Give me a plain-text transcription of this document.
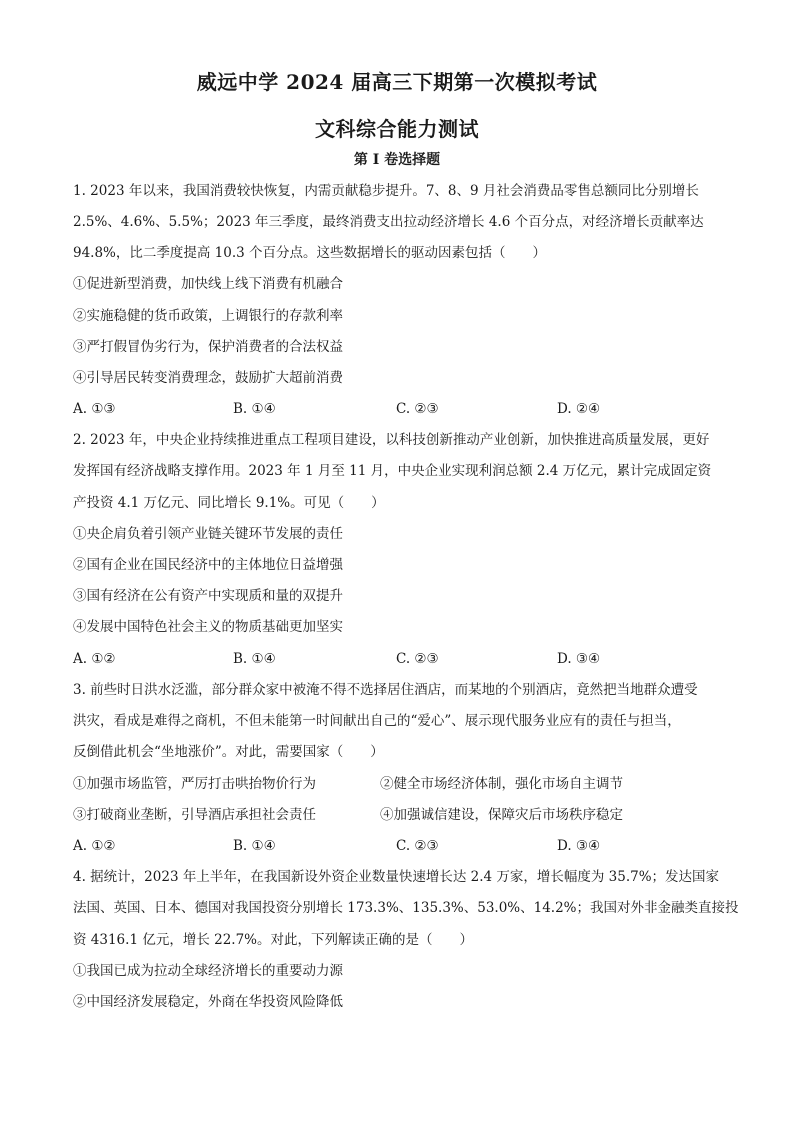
威远中学 2024 届高三下期第一次模拟考试
文科综合能力测试
第 I 卷选择题
1. 2023 年以来，我国消费较快恢复，内需贡献稳步提升。7、8、9 月社会消费品零售总额同比分别增长
2.5%、4.6%、5.5%；2023 年三季度，最终消费支出拉动经济增长 4.6 个百分点，对经济增长贡献率达
94.8%，比二季度提高 10.3 个百分点。这些数据增长的驱动因素包括（　　）
①促进新型消费，加快线上线下消费有机融合
②实施稳健的货币政策，上调银行的存款利率
③严打假冒伪劣行为，保护消费者的合法权益
④引导居民转变消费理念，鼓励扩大超前消费
A. ①③	B. ①④	C. ②③	D. ②④
2. 2023 年，中央企业持续推进重点工程项目建设，以科技创新推动产业创新，加快推进高质量发展，更好
发挥国有经济战略支撑作用。2023 年 1 月至 11 月，中央企业实现利润总额 2.4 万亿元，累计完成固定资
产投资 4.1 万亿元、同比增长 9.1%。可见（　　）
①央企肩负着引领产业链关键环节发展的责任
②国有企业在国民经济中的主体地位日益增强
③国有经济在公有资产中实现质和量的双提升
④发展中国特色社会主义的物质基础更加坚实
A. ①②	B. ①④	C. ②③	D. ③④
3. 前些时日洪水泛滥，部分群众家中被淹不得不选择居住酒店，而某地的个别酒店，竟然把当地群众遭受
洪灾，看成是难得之商机，不但未能第一时间献出自己的“爱心”、展示现代服务业应有的责任与担当，
反倒借此机会“坐地涨价”。对此，需要国家（　　）
①加强市场监管，严厉打击哄抬物价行为	②健全市场经济体制，强化市场自主调节
③打破商业垄断，引导酒店承担社会责任	④加强诚信建设，保障灾后市场秩序稳定
A. ①②	B. ①④	C. ②③	D. ③④
4. 据统计，2023 年上半年，在我国新设外资企业数量快速增长达 2.4 万家，增长幅度为 35.7%；发达国家
法国、英国、日本、德国对我国投资分别增长 173.3%、135.3%、53.0%、14.2%；我国对外非金融类直接投
资 4316.1 亿元，增长 22.7%。对此，下列解读正确的是（　　）
①我国已成为拉动全球经济增长的重要动力源
②中国经济发展稳定，外商在华投资风险降低
